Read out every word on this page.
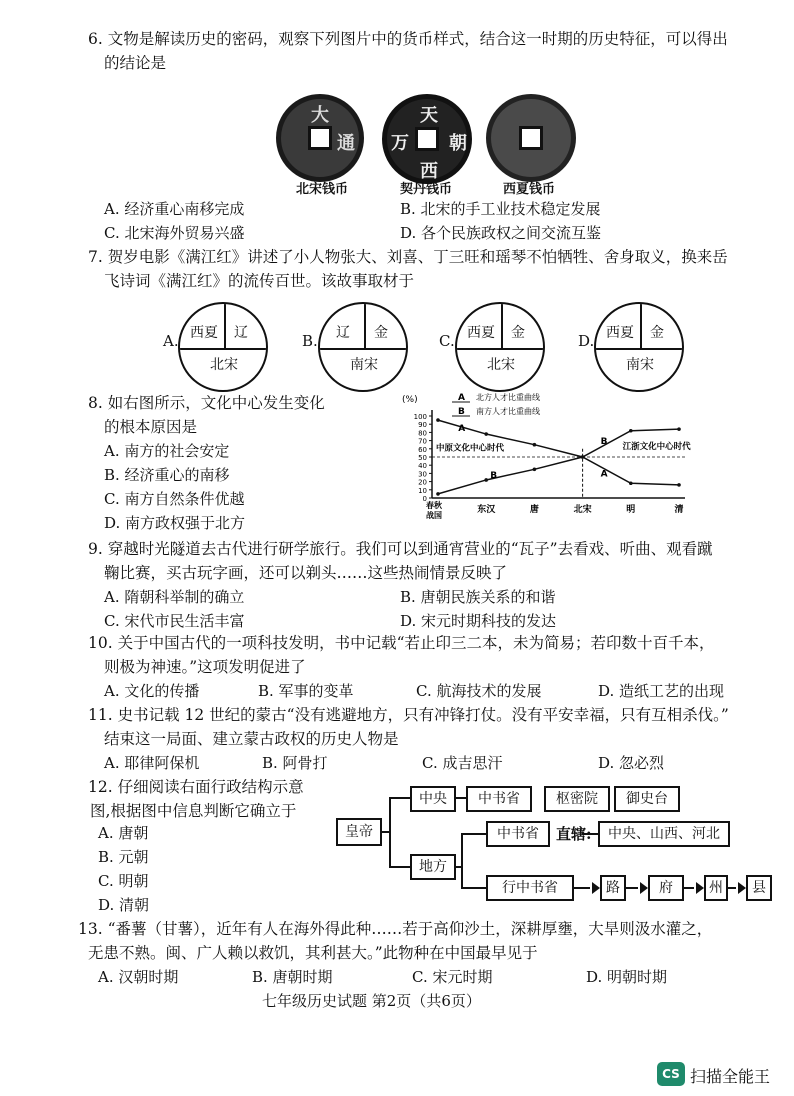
6. 文物是解读历史的密码，观察下列图片中的货币样式，结合这一时期的历史特征，可以得出
的结论是
大
通
天
西
万 朝
北宋钱币	契丹钱币	西夏钱币
A. 经济重心南移完成	B. 北宋的手工业技术稳定发展
C. 北宋海外贸易兴盛	D. 各个民族政权之间交流互鉴
7. 贺岁电影《满江红》讲述了小人物张大、刘喜、丁三旺和瑶琴不怕牺牲、舍身取义，换来岳
飞诗词《满江红》的流传百世。该故事取材于
A. 西夏 辽
北宋
B. 辽 金
南宋
C. 西夏 金
北宋
D. 西夏 金
南宋
8. 如右图所示，文化中心发生变化
的根本原因是
A. 南方的社会安定
B. 经济重心的南移
C. 南方自然条件优越
D. 南方政权强于北方
(%)
0
10
20
30
40
50
60
70
80
90
100
春秋
战国
东汉	唐	北宋	明	清
A 北方人才比重曲线
B 南方人才比重曲线
中原文化中心时代	江浙文化中心时代
A
B
B
A
9. 穿越时光隧道去古代进行研学旅行。我们可以到通宵营业的“瓦子”去看戏、听曲、观看蹴
鞠比赛，买古玩字画，还可以剃头……这些热闹情景反映了
A. 隋朝科举制的确立	B. 唐朝民族关系的和谐
C. 宋代市民生活丰富	D. 宋元时期科技的发达
10. 关于中国古代的一项科技发明，书中记载“若止印三二本，未为简易；若印数十百千本，
则极为神速。”这项发明促进了
A. 文化的传播	B. 军事的变革	C. 航海技术的发展	D. 造纸工艺的出现
11. 史书记载 12 世纪的蒙古“没有逃避地方，只有冲锋打仗。没有平安幸福，只有互相杀伐。”
结束这一局面、建立蒙古政权的历史人物是
A. 耶律阿保机	B. 阿骨打	C. 成吉思汗	D. 忽必烈
12. 仔细阅读右面行政结构示意
图,根据图中信息判断它确立于
A. 唐朝
B. 元朝
C. 明朝
D. 清朝
皇帝
中央	中书省	枢密院	御史台
地方
中书省	直辖:	中央、山西、河北
行中书省	路	府	州	县
13. “番薯（甘薯），近年有人在海外得此种……若于高仰沙土，深耕厚壅，大旱则汲水灌之，
无患不熟。闽、广人赖以救饥，其利甚大。”此物种在中国最早见于
A. 汉朝时期	B. 唐朝时期	C. 宋元时期	D. 明朝时期
七年级历史试题 第2页（共6页）
CS 扫描全能王
